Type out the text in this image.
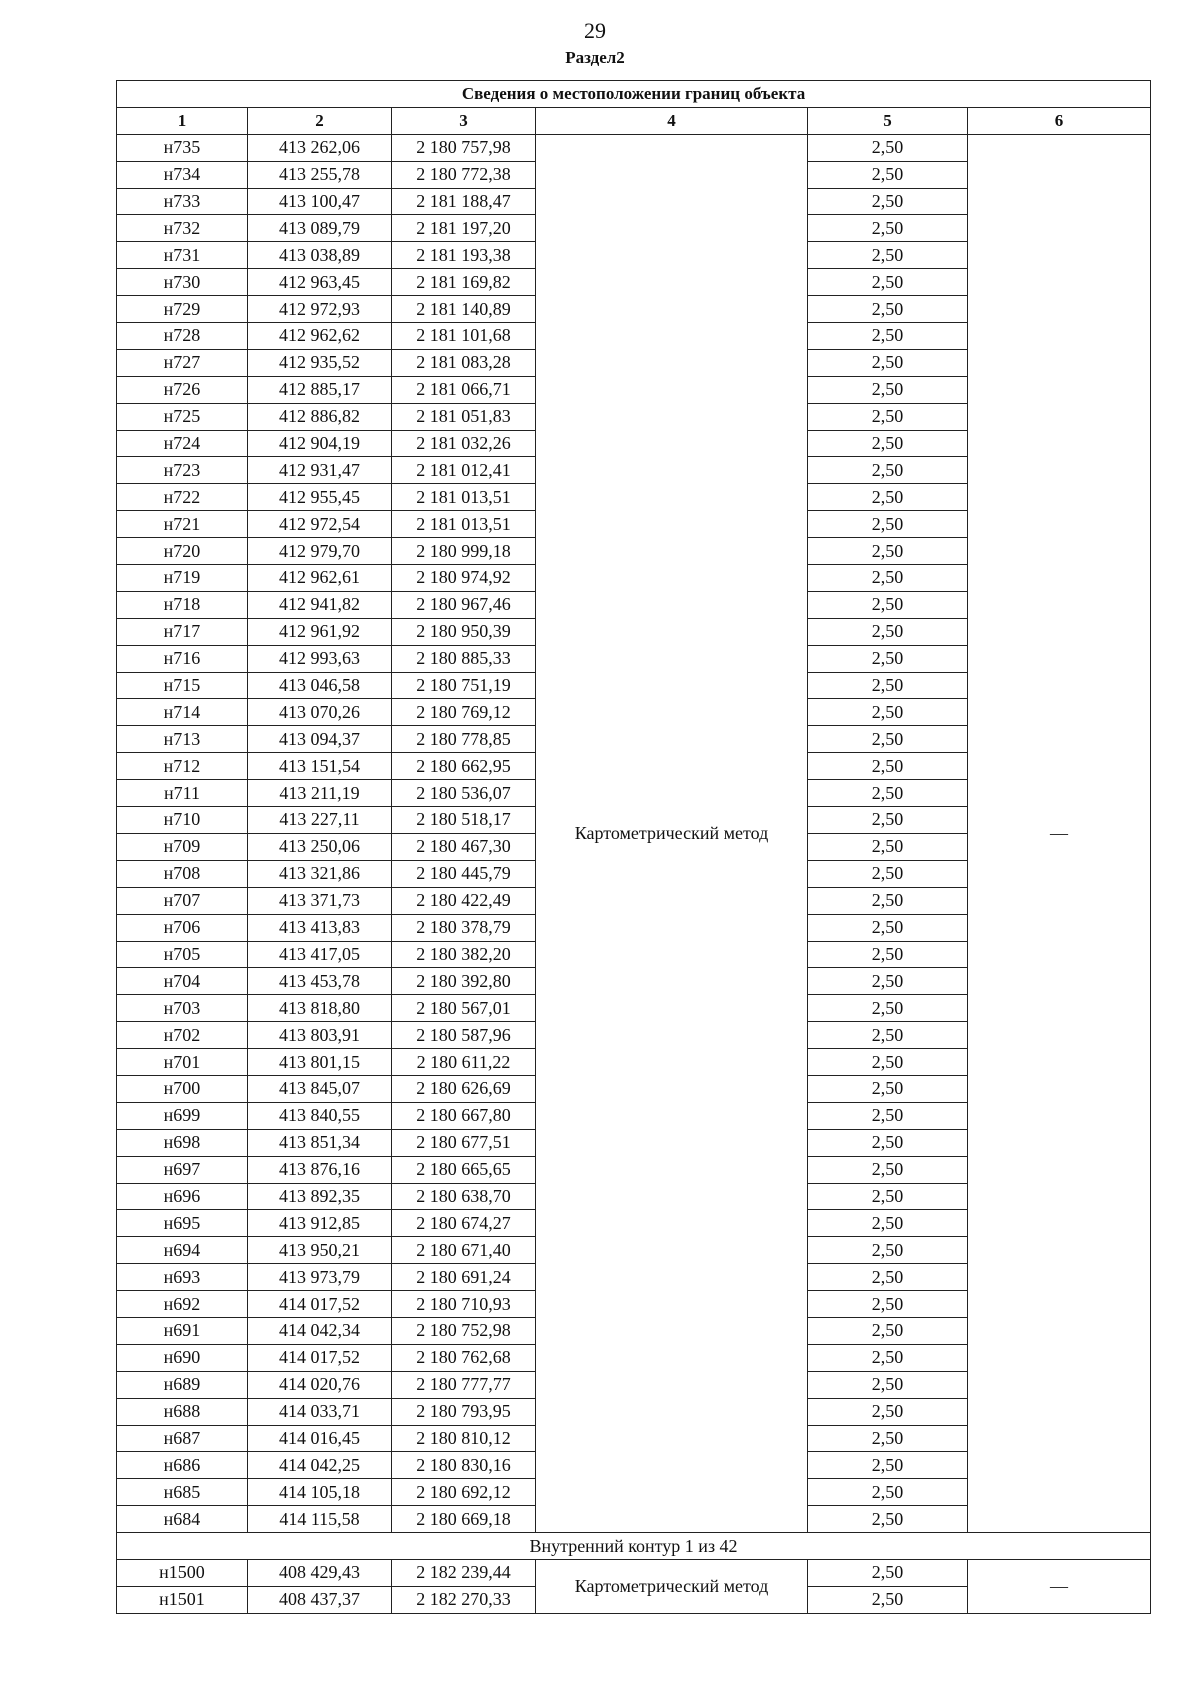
29
Раздел2
Сведения о местоположении границ объекта					
1	2	3	4	5	6
н735	413 262,06	2 180 757,98	Картометрический метод	2,50	—
н734	413 255,78	2 180 772,38		2,50	
н733	413 100,47	2 181 188,47		2,50	
н732	413 089,79	2 181 197,20		2,50	
н731	413 038,89	2 181 193,38		2,50	
н730	412 963,45	2 181 169,82		2,50	
н729	412 972,93	2 181 140,89		2,50	
н728	412 962,62	2 181 101,68		2,50	
н727	412 935,52	2 181 083,28		2,50	
н726	412 885,17	2 181 066,71		2,50	
н725	412 886,82	2 181 051,83		2,50	
н724	412 904,19	2 181 032,26		2,50	
н723	412 931,47	2 181 012,41		2,50	
н722	412 955,45	2 181 013,51		2,50	
н721	412 972,54	2 181 013,51		2,50	
н720	412 979,70	2 180 999,18		2,50	
н719	412 962,61	2 180 974,92		2,50	
н718	412 941,82	2 180 967,46		2,50	
н717	412 961,92	2 180 950,39		2,50	
н716	412 993,63	2 180 885,33		2,50	
н715	413 046,58	2 180 751,19		2,50	
н714	413 070,26	2 180 769,12		2,50	
н713	413 094,37	2 180 778,85		2,50	
н712	413 151,54	2 180 662,95		2,50	
н711	413 211,19	2 180 536,07		2,50	
н710	413 227,11	2 180 518,17		2,50	
н709	413 250,06	2 180 467,30		2,50	
н708	413 321,86	2 180 445,79		2,50	
н707	413 371,73	2 180 422,49		2,50	
н706	413 413,83	2 180 378,79		2,50	
н705	413 417,05	2 180 382,20		2,50	
н704	413 453,78	2 180 392,80		2,50	
н703	413 818,80	2 180 567,01		2,50	
н702	413 803,91	2 180 587,96		2,50	
н701	413 801,15	2 180 611,22		2,50	
н700	413 845,07	2 180 626,69		2,50	
н699	413 840,55	2 180 667,80		2,50	
н698	413 851,34	2 180 677,51		2,50	
н697	413 876,16	2 180 665,65		2,50	
н696	413 892,35	2 180 638,70		2,50	
н695	413 912,85	2 180 674,27		2,50	
н694	413 950,21	2 180 671,40		2,50	
н693	413 973,79	2 180 691,24		2,50	
н692	414 017,52	2 180 710,93		2,50	
н691	414 042,34	2 180 752,98		2,50	
н690	414 017,52	2 180 762,68		2,50	
н689	414 020,76	2 180 777,77		2,50	
н688	414 033,71	2 180 793,95		2,50	
н687	414 016,45	2 180 810,12		2,50	
н686	414 042,25	2 180 830,16		2,50	
н685	414 105,18	2 180 692,12		2,50	
н684	414 115,58	2 180 669,18		2,50	
Внутренний контур 1 из 42					
н1500	408 429,43	2 182 239,44	Картометрический метод	2,50	—
н1501	408 437,37	2 182 270,33		2,50	
